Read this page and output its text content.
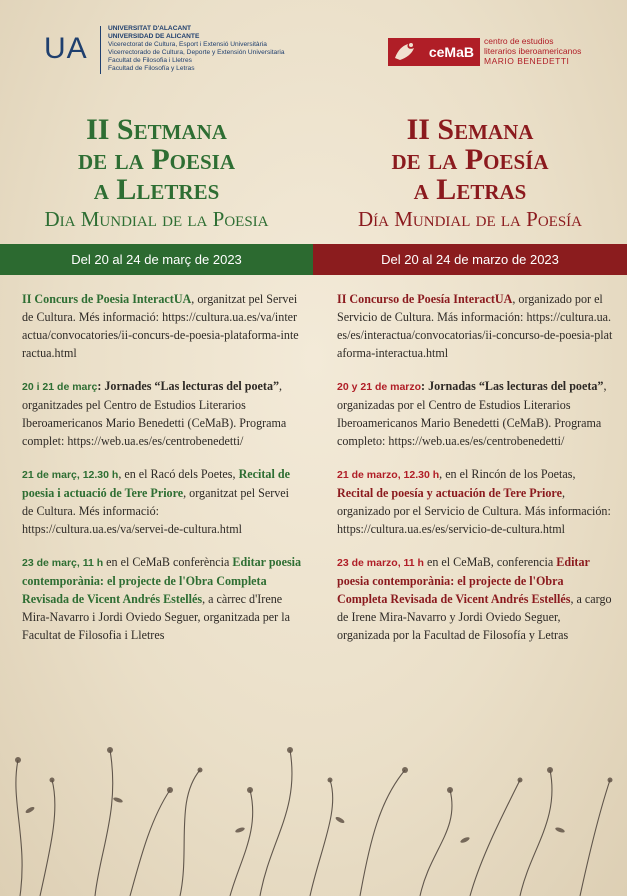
UA
UNIVERSITAT D'ALACANT
UNIVERSIDAD DE ALICANTE
Vicerectorat de Cultura, Esport i Extensió Universitària
Vicerrectorado de Cultura, Deporte y Extensión Universitaria
Facultat de Filosofia i Lletres
Facultad de Filosofía y Letras
ceMaB
centro de estudios
literarios iberoamericanos
MARIO BENEDETTI
II Setmana
de la Poesia
a Lletres
Dia Mundial de la Poesia
II Semana
de la Poesía
a Letras
Día Mundial de la Poesía
Del 20 al 24 de març de 2023	Del 20 al 24 de marzo de 2023

II Concurs de Poesia InteractUA, organitzat pel Servei de Cultura. Més informació: https://cultura.ua.es/va/interactua/convocatories/ii-concurs-de-poesia-plataforma-interactua.html

20 i 21 de març: Jornades “Las lecturas del poeta”, organitzades pel Centro de Estudios Literarios Iberoamericanos Mario Benedetti (CeMaB). Programa complet: https://web.ua.es/es/centrobenedetti/

21 de març, 12.30 h, en el Racó dels Poetes, Recital de poesia i actuació de Tere Priore, organitzat pel Servei de Cultura. Més informació: https://cultura.ua.es/va/servei-de-cultura.html

23 de març, 11 h en el CeMaB conferència Editar poesia contemporània: el projecte de l'Obra Completa Revisada de Vicent Andrés Estellés, a càrrec d'Irene Mira-Navarro i Jordi Oviedo Seguer, organitzada per la Facultat de Filosofia i Lletres

II Concurso de Poesía InteractUA, organizado por el Servicio de Cultura. Más información: https://cultura.ua.es/es/interactua/convocatorias/ii-concurso-de-poesia-plataforma-interactua.html

20 y 21 de marzo: Jornadas “Las lecturas del poeta”, organizadas por el Centro de Estudios Literarios Iberoamericanos Mario Benedetti (CeMaB). Programa completo: https://web.ua.es/es/centrobenedetti/

21 de marzo, 12.30 h, en el Rincón de los Poetas, Recital de poesía y actuación de Tere Priore, organizado por el Servicio de Cultura. Más información: https://cultura.ua.es/es/servicio-de-cultura.html

23 de marzo, 11 h en el CeMaB, conferencia Editar poesia contemporània: el projecte de l'Obra Completa Revisada de Vicent Andrés Estellés, a cargo de Irene Mira-Navarro y Jordi Oviedo Seguer, organizada por la Facultad de Filosofía y Letras
